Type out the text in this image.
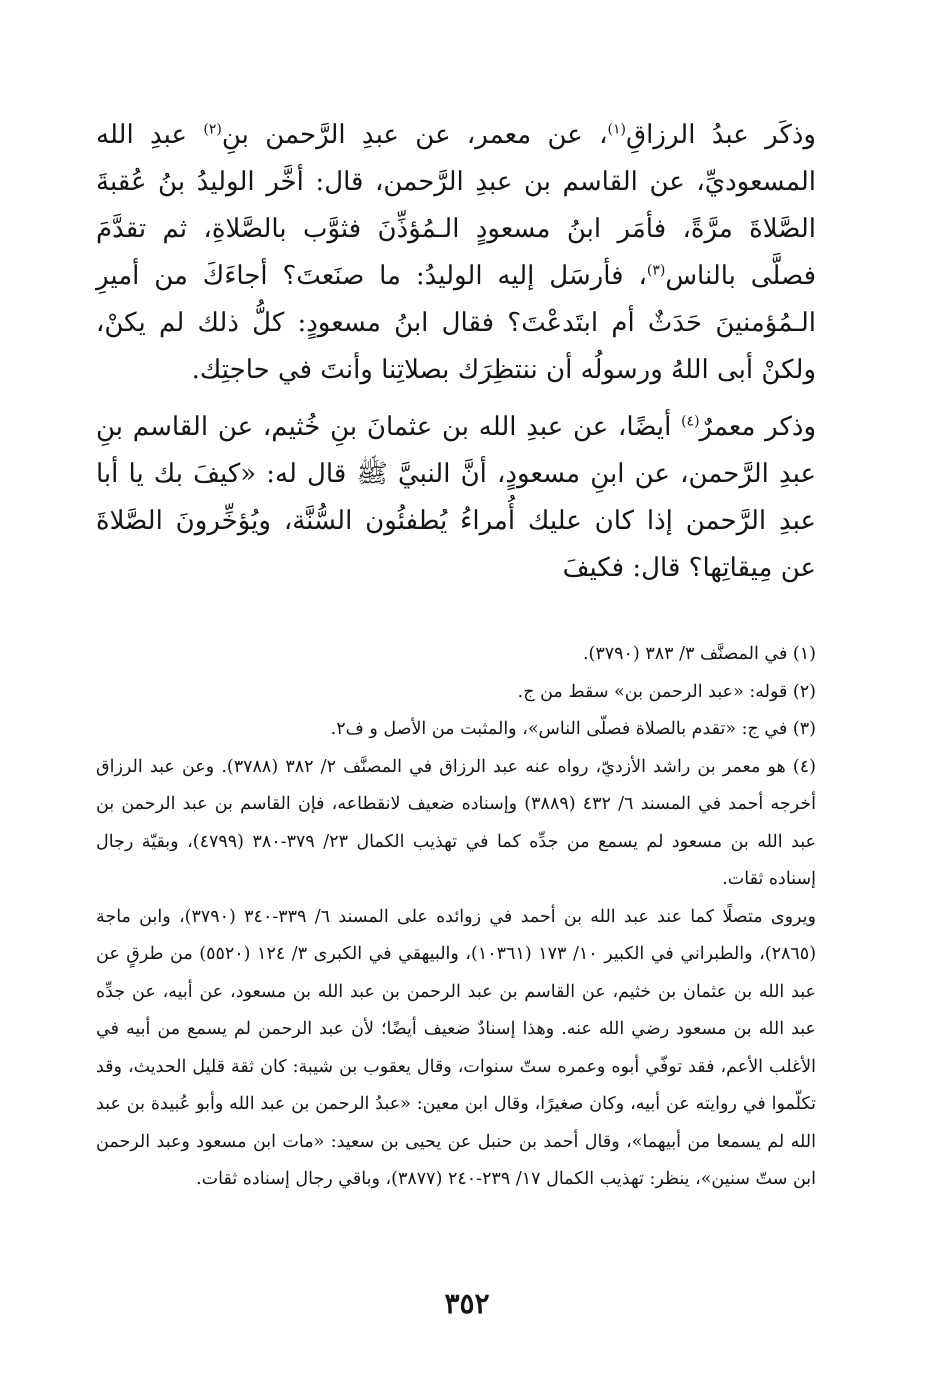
وذكَر عبدُ الرزاقِ$^{(١)}$، عن معمر، عن عبدِ الرَّحمن بنِ$^{(٢)}$ عبدِ الله المسعوديِّ، عن القاسم بن عبدِ الرَّحمن، قال: أخَّر الوليدُ بنُ عُقبةَ الصَّلاةَ مرَّةً، فأمَر ابنُ مسعودٍ الـمُؤذِّنَ فثوَّب بالصَّلاةِ، ثم تقدَّمَ فصلَّى بالناس$^{(٣)}$، فأرسَل إليه الوليدُ: ما صنَعتَ؟ أجاءَكَ من أميرِ الـمُؤمنينَ حَدَثٌ أم ابتَدعْتَ؟ فقال ابنُ مسعودٍ: كلُّ ذلك لم يكنْ، ولكنْ أبى اللهُ ورسولُه أن ننتظِرَك بصلاتِنا وأنتَ في حاجتِك.

وذكر معمرٌ$^{(٤)}$ أيضًا، عن عبدِ الله بن عثمانَ بنِ خُثيم، عن القاسم بنِ عبدِ الرَّحمن، عن ابنِ مسعودٍ، أنَّ النبيَّ ﷺ قال له: «كيفَ بك يا أبا عبدِ الرَّحمن إذا كان عليك أُمراءُ يُطفئُون السُّنَّة، ويُؤخِّرونَ الصَّلاةَ عن مِيقاتِها؟ قال: فكيفَ

(١) في المصنَّف ٣/ ٣٨٣ (٣٧٩٠).

(٢) قوله: «عبد الرحمن بن» سقط من ج.

(٣) في ج: «تقدم بالصلاة فصلّى الناس»، والمثبت من الأصل و ف٢.

(٤) هو معمر بن راشد الأزديّ، رواه عنه عبد الرزاق في المصنَّف ٢/ ٣٨٢ (٣٧٨٨). وعن عبد الرزاق أخرجه أحمد في المسند ٦/ ٤٣٢ (٣٨٨٩) وإسناده ضعيف لانقطاعه، فإن القاسم بن عبد الرحمن بن عبد الله بن مسعود لم يسمع من جدِّه كما في تهذيب الكمال ٢٣/ ٣٧٩-٣٨٠ (٤٧٩٩)، وبقيّة رجال إسناده ثقات.

ويروى متصلًا كما عند عبد الله بن أحمد في زوائده على المسند ٦/ ٣٣٩-٣٤٠ (٣٧٩٠)، وابن ماجة (٢٨٦٥)، والطبراني في الكبير ١٠/ ١٧٣ (١٠٣٦١)، والبيهقي في الكبرى ٣/ ١٢٤ (٥٥٢٠) من طرقٍ عن عبد الله بن عثمان بن خثيم، عن القاسم بن عبد الرحمن بن عبد الله بن مسعود، عن أبيه، عن جدِّه عبد الله بن مسعود رضي الله عنه. وهذا إسنادٌ ضعيف أيضًا؛ لأن عبد الرحمن لم يسمع من أبيه في الأغلب الأعم، فقد توفّي أبوه وعمره ستّ سنوات، وقال يعقوب بن شيبة: كان ثقة قليل الحديث، وقد تكلّموا في روايته عن أبيه، وكان صغيرًا، وقال ابن معين: «عبدُ الرحمن بن عبد الله وأبو عُبيدة بن عبد الله لم يسمعا من أبيهما»، وقال أحمد بن حنبل عن يحيى بن سعيد: «مات ابن مسعود وعبد الرحمن ابن ستّ سنين»، ينظر: تهذيب الكمال ١٧/ ٢٣٩-٢٤٠ (٣٨٧٧)، وباقي رجال إسناده ثقات.

٣٥٢
